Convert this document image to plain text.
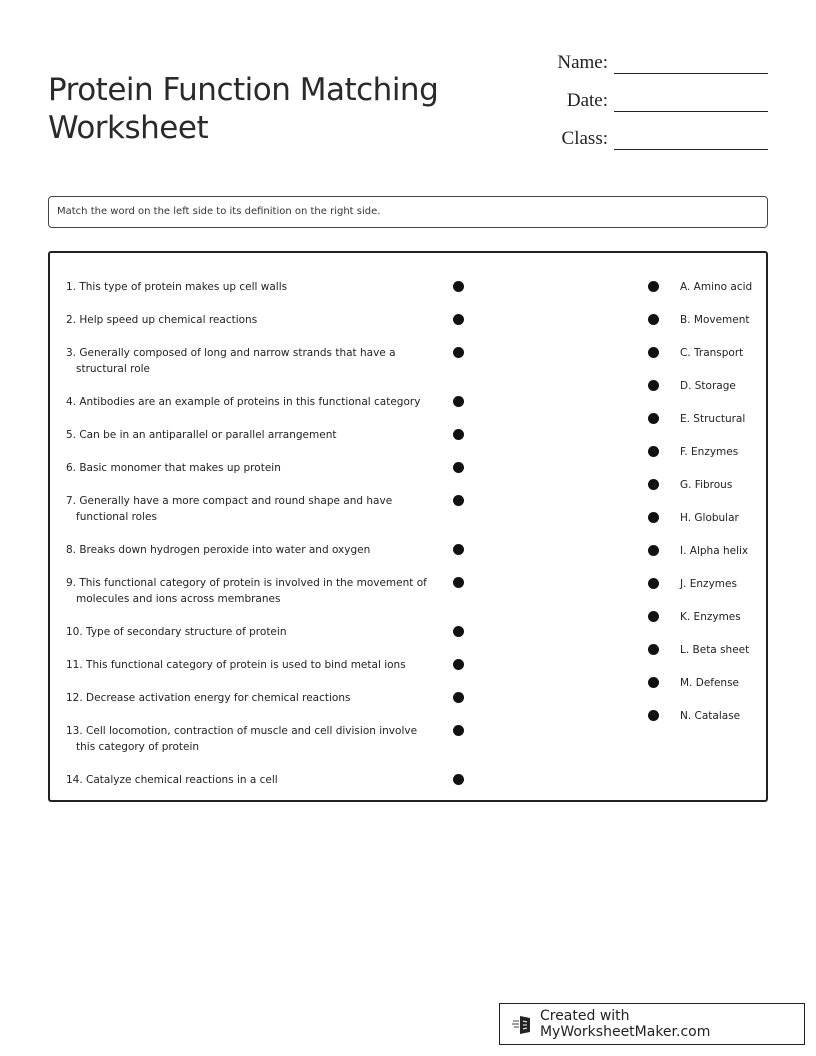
Protein Function Matching Worksheet
Name:
Date:
Class:
Match the word on the left side to its definition on the right side.
1. This type of protein makes up cell walls
2. Help speed up chemical reactions
3. Generally composed of long and narrow strands that have a structural role
4. Antibodies are an example of proteins in this functional category
5. Can be in an antiparallel or parallel arrangement
6. Basic monomer that makes up protein
7. Generally have a more compact and round shape and have functional roles
8. Breaks down hydrogen peroxide into water and oxygen
9. This functional category of protein is involved in the movement of molecules and ions across membranes
10. Type of secondary structure of protein
11. This functional category of protein is used to bind metal ions
12. Decrease activation energy for chemical reactions
13. Cell locomotion, contraction of muscle and cell division involve this category of protein
14. Catalyze chemical reactions in a cell
A. Amino acid
B. Movement
C. Transport
D. Storage
E. Structural
F. Enzymes
G. Fibrous
H. Globular
I. Alpha helix
J. Enzymes
K. Enzymes
L. Beta sheet
M. Defense
N. Catalase
Created with MyWorksheetMaker.com
